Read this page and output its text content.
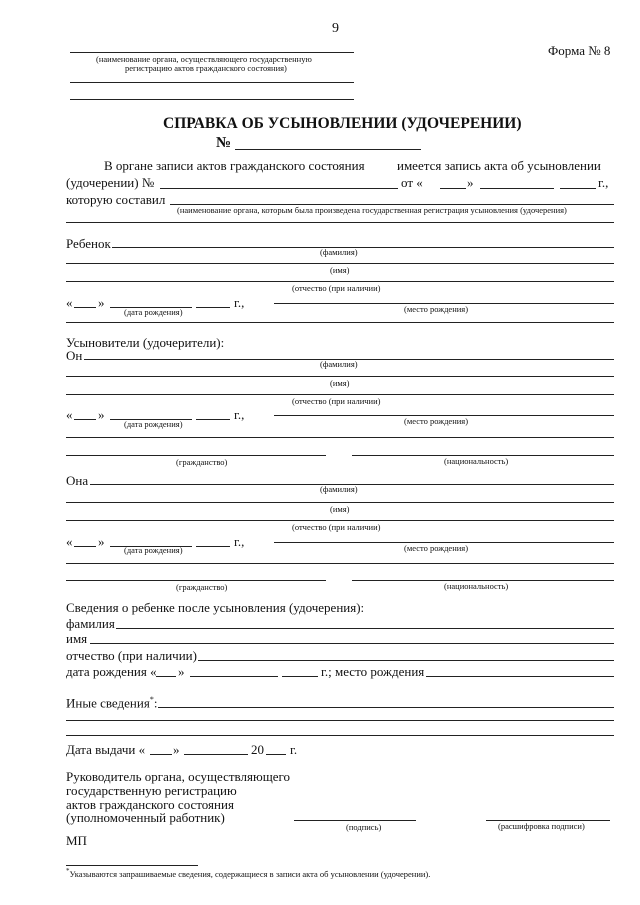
9
Форма № 8
(наименование органа, осуществляющего государственную
регистрацию актов гражданского состояния)
СПРАВКА ОБ УСЫНОВЛЕНИИ (УДОЧЕРЕНИИ)
№
В органе записи актов гражданского состояния имеется запись акта об усыновлении
(удочерении) №	от «	»	г.,
которую составил
(наименование органа, которым была произведена государственная регистрация усыновления (удочерения)
Ребенок
(фамилия)
(имя)
(отчество (при наличии)
« »	г.,
(дата рождения)	(место рождения)
Усыновители (удочерители):
Он
(фамилия)
(имя)
(отчество (при наличии)
« »	г.,
(дата рождения)	(место рождения)
(гражданство)	(национальность)
Она
(фамилия)
(имя)
(отчество (при наличии)
« »	г.,
(дата рождения)	(место рождения)
(гражданство)	(национальность)
Сведения о ребенке после усыновления (удочерения):
фамилия
имя
отчество (при наличии)
дата рождения « »	г.; место рождения
Иные сведения*:
Дата выдачи « »	20 г.
Руководитель органа, осуществляющего
государственную регистрацию
актов гражданского состояния
(уполномоченный работник)
(подпись)	(расшифровка подписи)
МП
*Указываются запрашиваемые сведения, содержащиеся в записи акта об усыновлении (удочерении).
